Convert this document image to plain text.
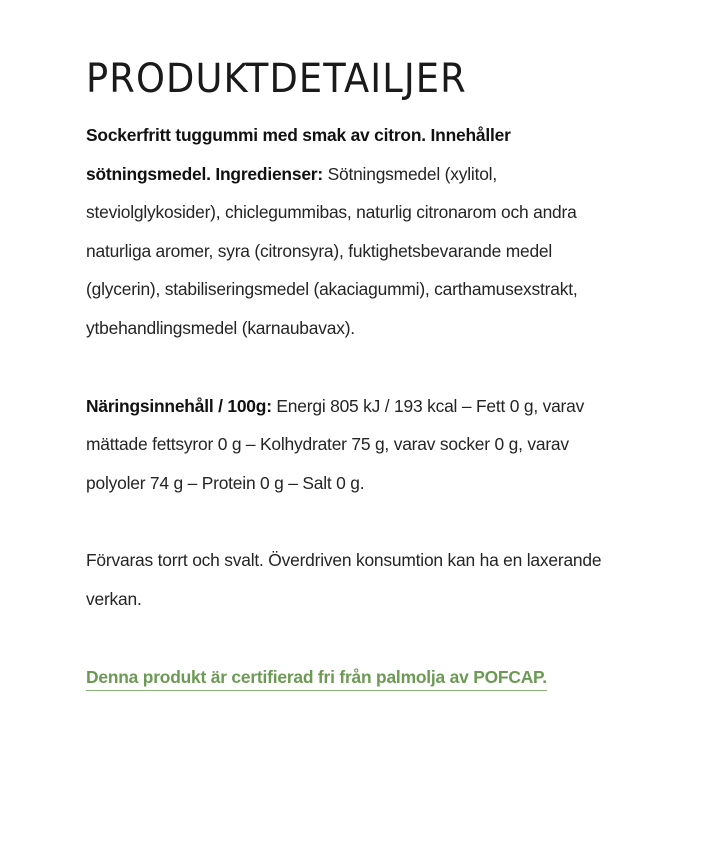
PRODUKTDETAILJER

Sockerfritt tuggummi med smak av citron. Innehåller sötningsmedel. Ingredienser: Sötningsmedel (xylitol, steviolglykosider), chiclegummibas, naturlig citronarom och andra naturliga aromer, syra (citronsyra), fuktighetsbevarande medel (glycerin), stabiliseringsmedel (akaciagummi), carthamusexstrakt, ytbehandlingsmedel (karnaubavax).

Näringsinnehåll / 100g: Energi 805 kJ / 193 kcal – Fett 0 g, varav mättade fettsyror 0 g – Kolhydrater 75 g, varav socker 0 g, varav polyoler 74 g – Protein 0 g – Salt 0 g.

Förvaras torrt och svalt. Överdriven konsumtion kan ha en laxerande verkan.

Denna produkt är certifierad fri från palmolja av POFCAP.
